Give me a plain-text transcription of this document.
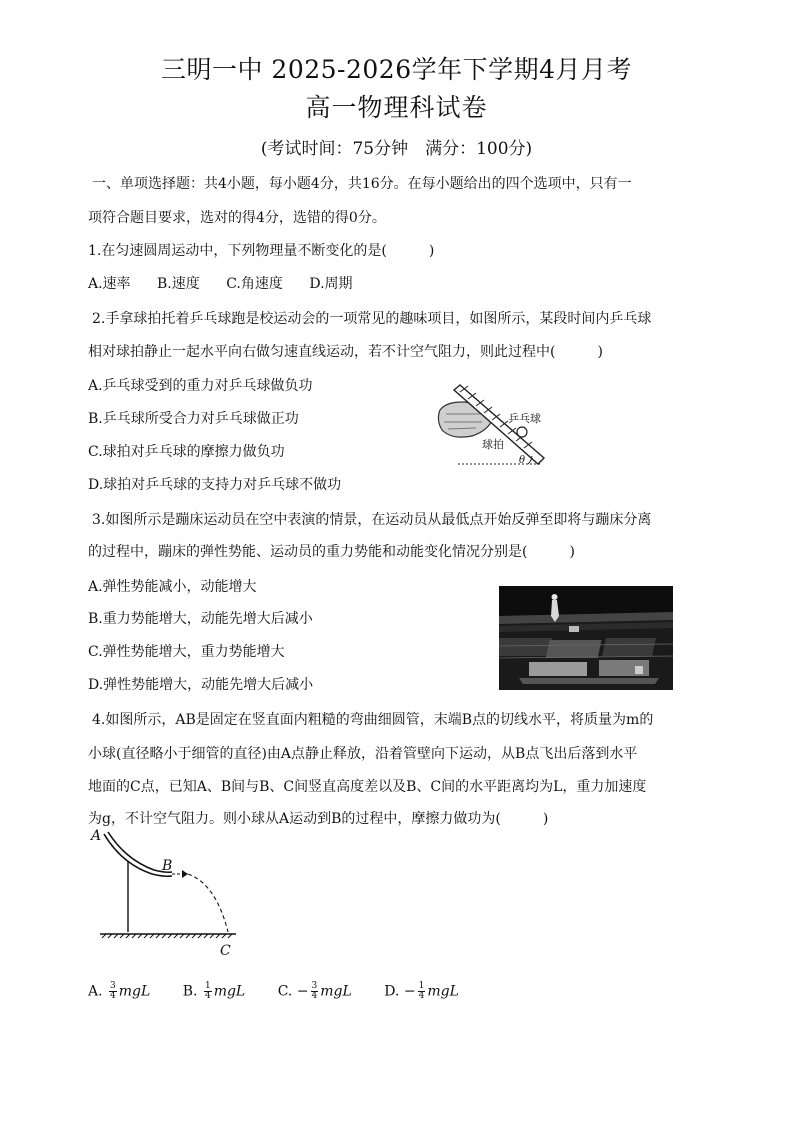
三明一中 2025-2026学年下学期4月月考
高一物理科试卷
(考试时间：75分钟　满分：100分)
一、单项选择题：共4小题，每小题4分，共16分。在每小题给出的四个选项中，只有一
项符合题目要求，选对的得4分，选错的得0分。
1.在匀速圆周运动中，下列物理量不断变化的是(　　　)
A.速率 B.速度 C.角速度 D.周期
2.手拿球拍托着乒乓球跑是校运动会的一项常见的趣味项目，如图所示，某段时间内乒乓球
相对球拍静止一起水平向右做匀速直线运动，若不计空气阻力，则此过程中(　　　)
A.乒乓球受到的重力对乒乓球做负功
B.乒乓球所受合力对乒乓球做正功
C.球拍对乒乓球的摩擦力做负功
D.球拍对乒乓球的支持力对乒乓球不做功
乒乓球
球拍
θ
3.如图所示是蹦床运动员在空中表演的情景，在运动员从最低点开始反弹至即将与蹦床分离
的过程中，蹦床的弹性势能、运动员的重力势能和动能变化情况分别是(　　　)
A.弹性势能减小，动能增大
B.重力势能增大，动能先增大后减小
C.弹性势能增大，重力势能增大
D.弹性势能增大，动能先增大后减小
4.如图所示，AB是固定在竖直面内粗糙的弯曲细圆管，末端B点的切线水平，将质量为m的
小球(直径略小于细管的直径)由A点静止释放，沿着管壁向下运动，从B点飞出后落到水平
地面的C点，已知A、B间与B、C间竖直高度差以及B、C间的水平距离均为L，重力加速度
为g，不计空气阻力。则小球从A运动到B的过程中，摩擦力做功为(　　　)
A
B
C
A. $\frac{3}{4}$ mgL B. $\frac{1}{4}$ mgL C. − $\frac{3}{4}$ mgL D. − $\frac{1}{4}$ mgL
